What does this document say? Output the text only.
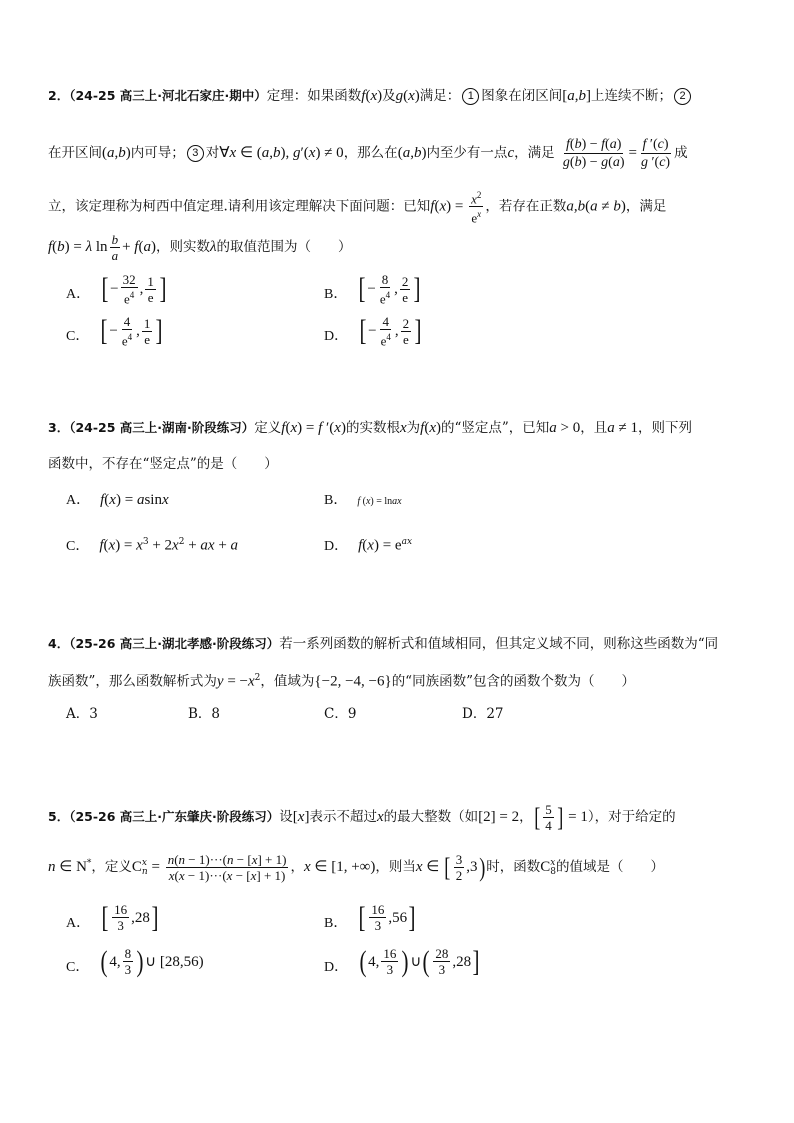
2．（24-25 高三上·河北石家庄·期中）定理：如果函数f(x)及g(x)满足： 1 图象在闭区间[a,b]上连续不断； 2
在开区间(a,b)内可导； 3 对∀x ∈ (a,b), g′(x) ≠ 0，那么在(a,b)内至少有一点c，满足 $\frac{f(b) - f(a)}{g(b) - g(a)} = \frac{f '(c)}{g '(c)}$ 成
立，该定理称为柯西中值定理.请利用该定理解决下面问题：已知$f(x) = \frac{x^2}{e^x}$ ，若存在正数a,b(a ≠ b)，满足
f(b) = λ $\ln \frac{b}{a} + f(a)$，则实数λ的取值范围为（　　）
A． [ − $\frac{32}{e^4}$ , $\frac{1}{e}$ ]	B． [ − $\frac{8}{e^4}$ , $\frac{2}{e}$ ]
C． [ − $\frac{4}{e^4}$ , $\frac{1}{e}$ ]	D． [ − $\frac{4}{e^4}$ , $\frac{2}{e}$ ]
3．（24-25 高三上·湖南·阶段练习）定义f(x) = f ′(x)的实数根x为f(x)的“竖定点”，已知a > 0，且a ≠ 1，则下列
函数中，不存在“竖定点”的是（　　）
A． f(x) = asinx	B． f (x) = lnax
C． $f(x) = x^3 + 2x^2$ + ax + a	D． $f(x) = e^{ax}$
4．（25-26 高三上·湖北孝感·阶段练习）若一系列函数的解析式和值域相同，但其定义域不同，则称这些函数为“同
族函数”，那么函数解析式为$y = -x^2$，值域为{−2, −4, −6}的“同族函数”包含的函数个数为（　　）
A．3	B．8	C．9	D．27
5．（25-26 高三上·广东肇庆·阶段练习）设[x]表示不超过x的最大整数（如[2] = 2，[ $\frac{5}{4}$ ] = 1），对于给定的
n ∈ N*，定义C x
$n = \frac{n(n - 1)\cdot\cdot\cdot(n - [x] + 1)}{x(x - 1)\cdot\cdot\cdot(x - [x] + 1)}$ ，x ∈ [1, +∞)，则当x ∈ [ $\frac{3}{2} ,3$)时，函数C x
8 的值域是（　　）
A． [ $\frac{16}{3} ,28$ ]	B． [ $\frac{16}{3} ,56$ ]
C． ( 4, $\frac{8}{3}$ ) ∪ [28,56)	D． ( 4, $\frac{16}{3}$ ) ∪ ( $\frac{28}{3} ,28$ ]
